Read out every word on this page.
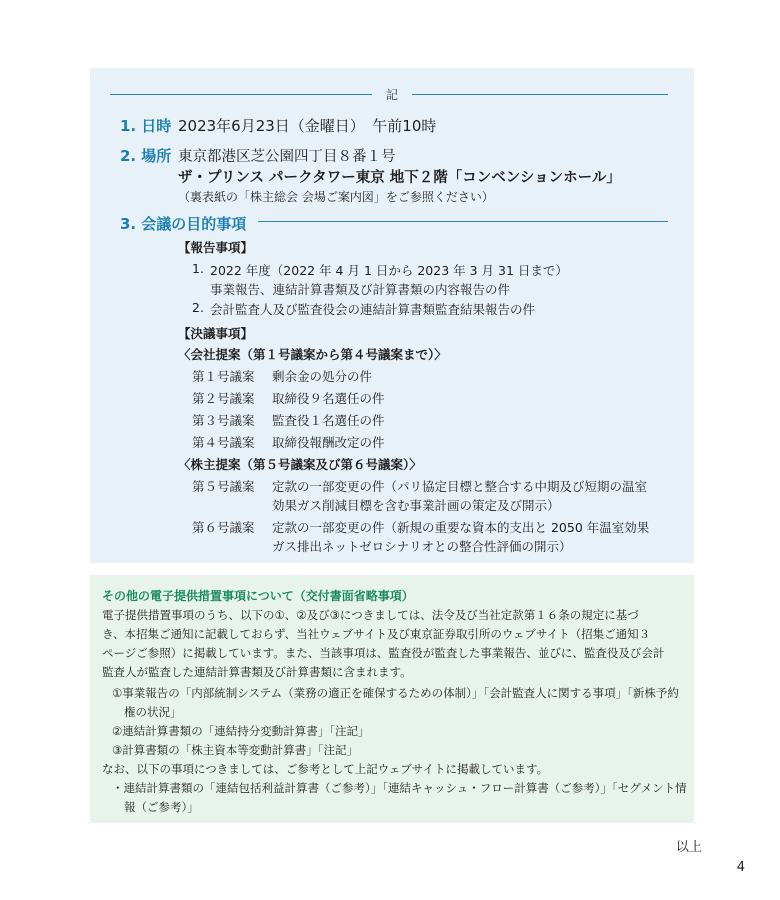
記
1. 日時 2023年6月23日（金曜日）　午前10時
2. 場所 東京都港区芝公園四丁目８番１号
ザ・プリンス パークタワー東京 地下２階「コンベンションホール」
（裏表紙の「株主総会 会場ご案内図」をご参照ください）
3. 会議の目的事項
【報告事項】
1. 2022 年度（2022 年 4 月 1 日から 2023 年 3 月 31 日まで）
事業報告、連結計算書類及び計算書類の内容報告の件
2. 会計監査人及び監査役会の連結計算書類監査結果報告の件
【決議事項】
〈会社提案（第１号議案から第４号議案まで）〉
第１号議案 剰余金の処分の件
第２号議案 取締役９名選任の件
第３号議案 監査役１名選任の件
第４号議案 取締役報酬改定の件
〈株主提案（第５号議案及び第６号議案）〉
第５号議案 定款の一部変更の件（パリ協定目標と整合する中期及び短期の温室
効果ガス削減目標を含む事業計画の策定及び開示）
第６号議案 定款の一部変更の件（新規の重要な資本的支出と 2050 年温室効果
ガス排出ネットゼロシナリオとの整合性評価の開示）
その他の電子提供措置事項について（交付書面省略事項）
電子提供措置事項のうち、以下の①、②及び③につきましては、法令及び当社定款第１６条の規定に基づ
き、本招集ご通知に記載しておらず、当社ウェブサイト及び東京証券取引所のウェブサイト（招集ご通知３
ページご参照）に掲載しています。また、当該事項は、監査役が監査した事業報告、並びに、監査役及び会計
監査人が監査した連結計算書類及び計算書類に含まれます。
①事業報告の「内部統制システム（業務の適正を確保するための体制）」「会計監査人に関する事項」「新株予約
権の状況」
②連結計算書類の「連結持分変動計算書」「注記」
③計算書類の「株主資本等変動計算書」「注記」
なお、以下の事項につきましては、ご参考として上記ウェブサイトに掲載しています。
・連結計算書類の「連結包括利益計算書（ご参考）」「連結キャッシュ・フロー計算書（ご参考）」「セグメント情
報（ご参考）」
以上
4
